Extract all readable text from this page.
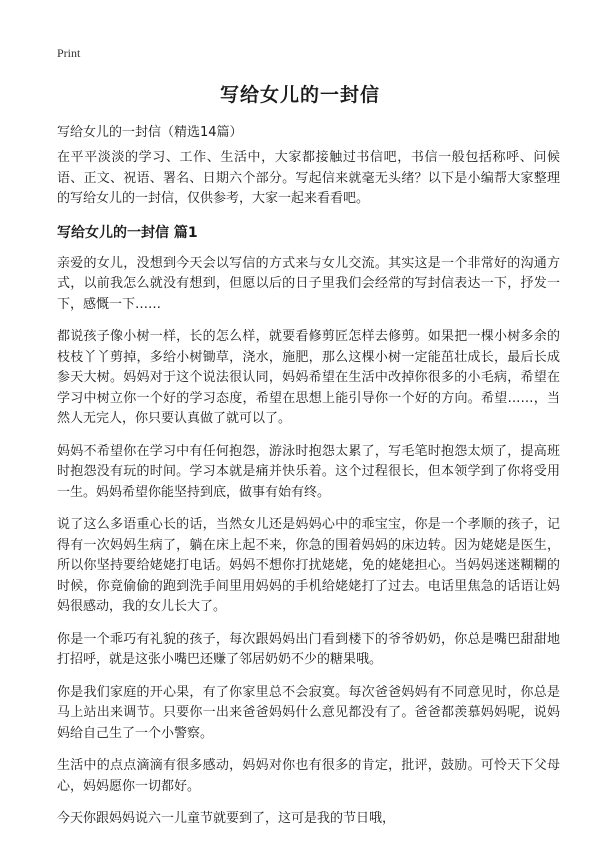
Print
写给女儿的一封信
写给女儿的一封信（精选14篇）

在平平淡淡的学习、工作、生活中，大家都接触过书信吧，书信一般包括称呼、问候语、正文、祝语、署名、日期六个部分。写起信来就毫无头绪？以下是小编帮大家整理的写给女儿的一封信，仅供参考，大家一起来看看吧。

写给女儿的一封信 篇1

亲爱的女儿，没想到今天会以写信的方式来与女儿交流。其实这是一个非常好的沟通方式，以前我怎么就没有想到，但愿以后的日子里我们会经常的写封信表达一下，抒发一下，感慨一下……

都说孩子像小树一样，长的怎么样，就要看修剪匠怎样去修剪。如果把一棵小树多余的枝枝丫丫剪掉，多给小树锄草，浇水，施肥，那么这棵小树一定能茁壮成长，最后长成参天大树。妈妈对于这个说法很认同，妈妈希望在生活中改掉你很多的小毛病，希望在学习中树立你一个好的学习态度，希望在思想上能引导你一个好的方向。希望……，当然人无完人，你只要认真做了就可以了。

妈妈不希望你在学习中有任何抱怨，游泳时抱怨太累了，写毛笔时抱怨太烦了，提高班时抱怨没有玩的时间。学习本就是痛并快乐着。这个过程很长，但本领学到了你将受用一生。妈妈希望你能坚持到底，做事有始有终。

说了这么多语重心长的话，当然女儿还是妈妈心中的乖宝宝，你是一个孝顺的孩子，记得有一次妈妈生病了，躺在床上起不来，你急的围着妈妈的床边转。因为姥姥是医生，所以你坚持要给姥姥打电话。妈妈不想你打扰姥姥，免的姥姥担心。当妈妈迷迷糊糊的时候，你竟偷偷的跑到洗手间里用妈妈的手机给姥姥打了过去。电话里焦急的话语让妈妈很感动，我的女儿长大了。

你是一个乖巧有礼貌的孩子，每次跟妈妈出门看到楼下的爷爷奶奶，你总是嘴巴甜甜地打招呼，就是这张小嘴巴还赚了邻居奶奶不少的糖果哦。

你是我们家庭的开心果，有了你家里总不会寂寞。每次爸爸妈妈有不同意见时，你总是马上站出来调节。只要你一出来爸爸妈妈什么意见都没有了。爸爸都羡慕妈妈呢，说妈妈给自己生了一个小警察。

生活中的点点滴滴有很多感动，妈妈对你也有很多的肯定，批评，鼓励。可怜天下父母心，妈妈愿你一切都好。

今天你跟妈妈说六一儿童节就要到了，这可是我的节日哦，
